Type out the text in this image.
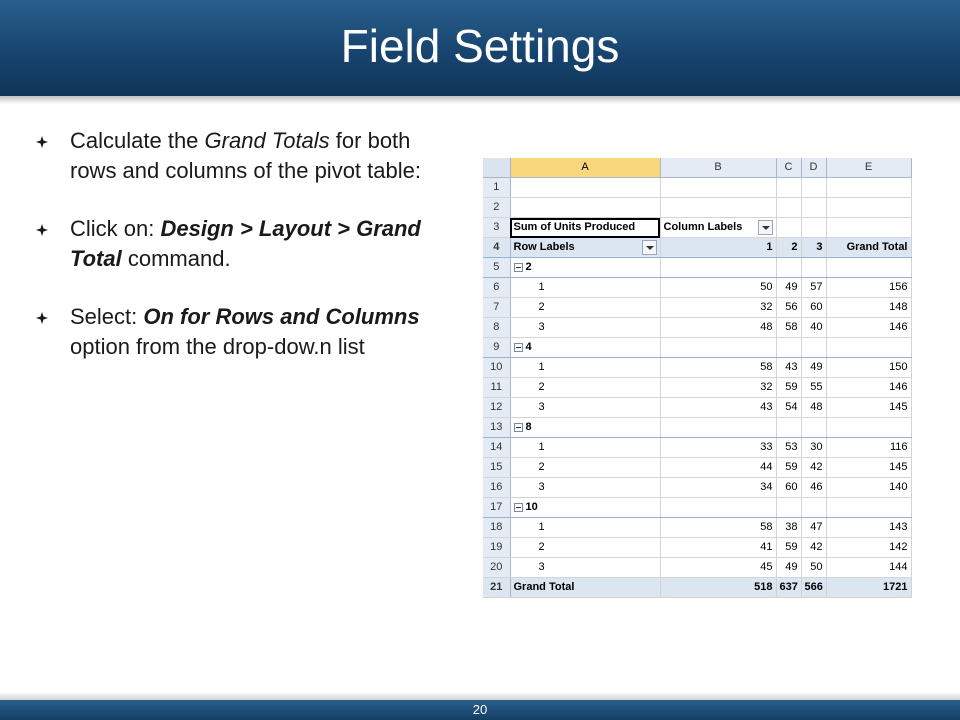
Field Settings
Calculate the Grand Totals for both rows and columns of the pivot table:
Click on: Design > Layout > Grand Total command.
Select: On for Rows and Columns option from the drop-dow.n list
	A	B	C	D	E
1					
2					
3	Sum of Units Produced	Column Labels

4	Row Labels	1	2	3	Grand Total
5	2				
6	1	50	49	57	156
7	2	32	56	60	148
8	3	48	58	40	146
9	4				
10	1	58	43	49	150
11	2	32	59	55	146
12	3	43	54	48	145
13	8				
14	1	33	53	30	116
15	2	44	59	42	145
16	3	34	60	46	140
17	10				
18	1	58	38	47	143
19	2	41	59	42	142
20	3	45	49	50	144
21	Grand Total	518	637	566	1721
20
